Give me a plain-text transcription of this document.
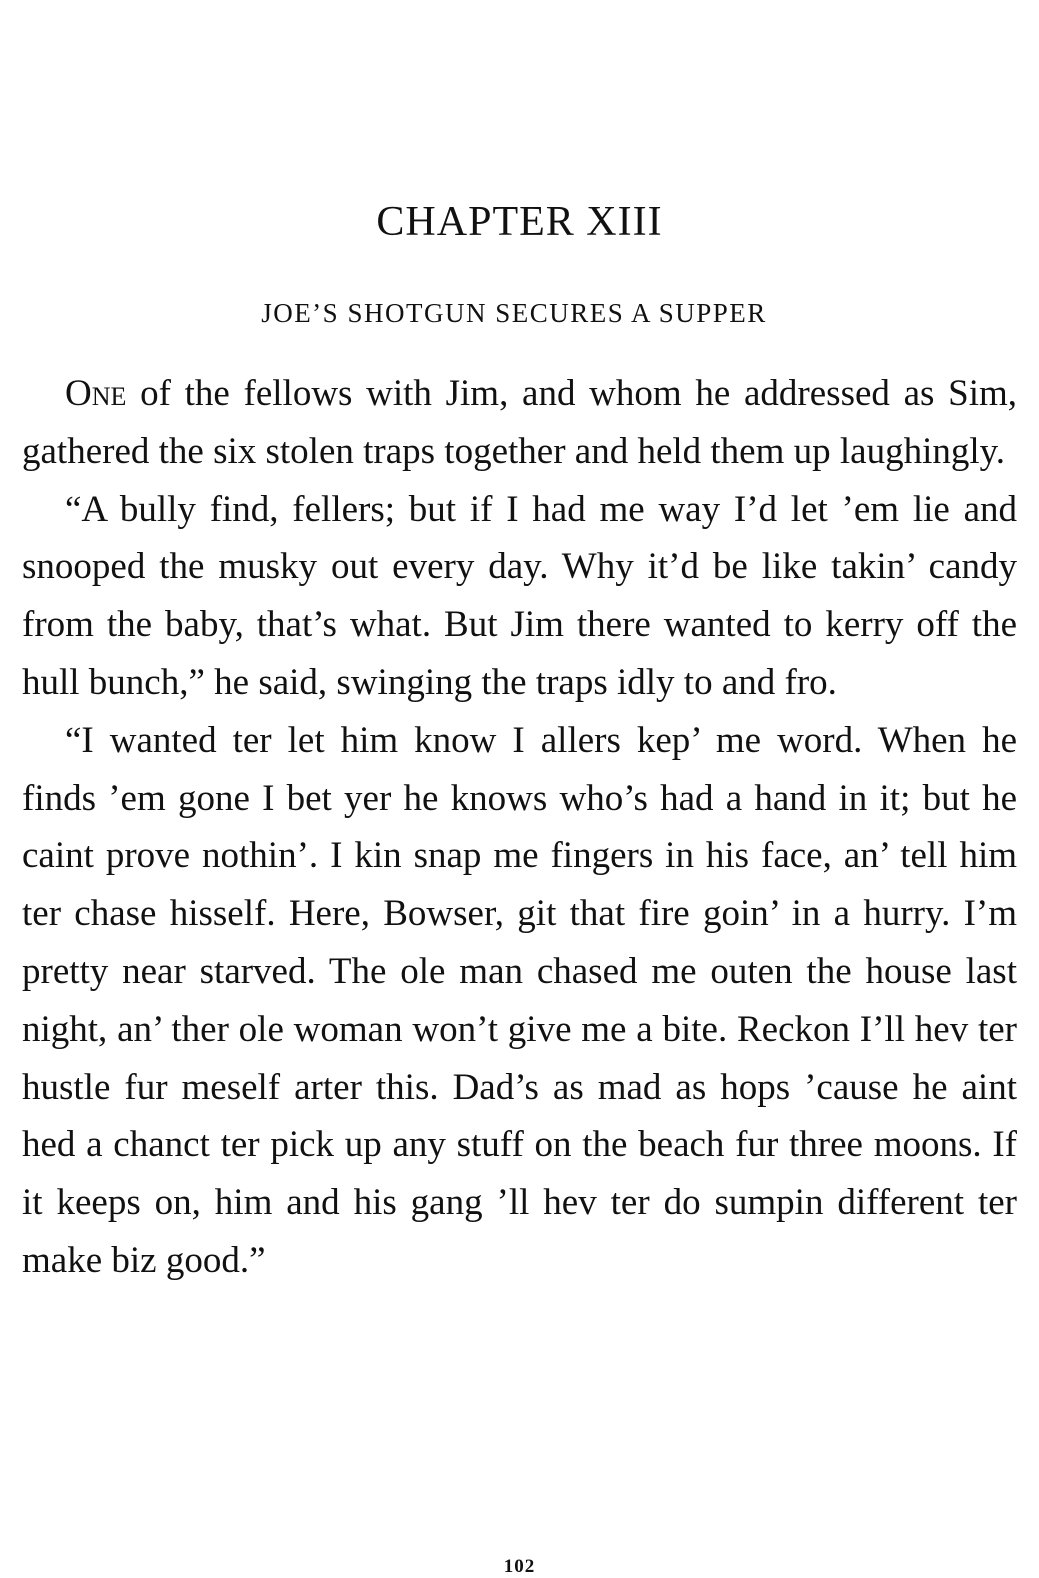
CHAPTER XIII
JOE’S SHOTGUN SECURES A SUPPER

One of the fellows with Jim, and whom he addressed as Sim, gathered the six stolen traps together and held them up laughingly.

“A bully find, fellers; but if I had me way I’d let ’em lie and snooped the musky out every day. Why it’d be like takin’ candy from the baby, that’s what. But Jim there wanted to kerry off the hull bunch,” he said, swinging the traps idly to and fro.

“I wanted ter let him know I allers kep’ me word. When he finds ’em gone I bet yer he knows who’s had a hand in it; but he caint prove nothin’. I kin snap me fingers in his face, an’ tell him ter chase hisself. Here, Bowser, git that fire goin’ in a hurry. I’m pretty near starved. The ole man chased me outen the house last night, an’ ther ole woman won’t give me a bite. Reckon I’ll hev ter hustle fur meself arter this. Dad’s as mad as hops ’cause he aint hed a chanct ter pick up any stuff on the beach fur three moons. If it keeps on, him and his gang ’ll hev ter do sumpin different ter make biz good.”

102
